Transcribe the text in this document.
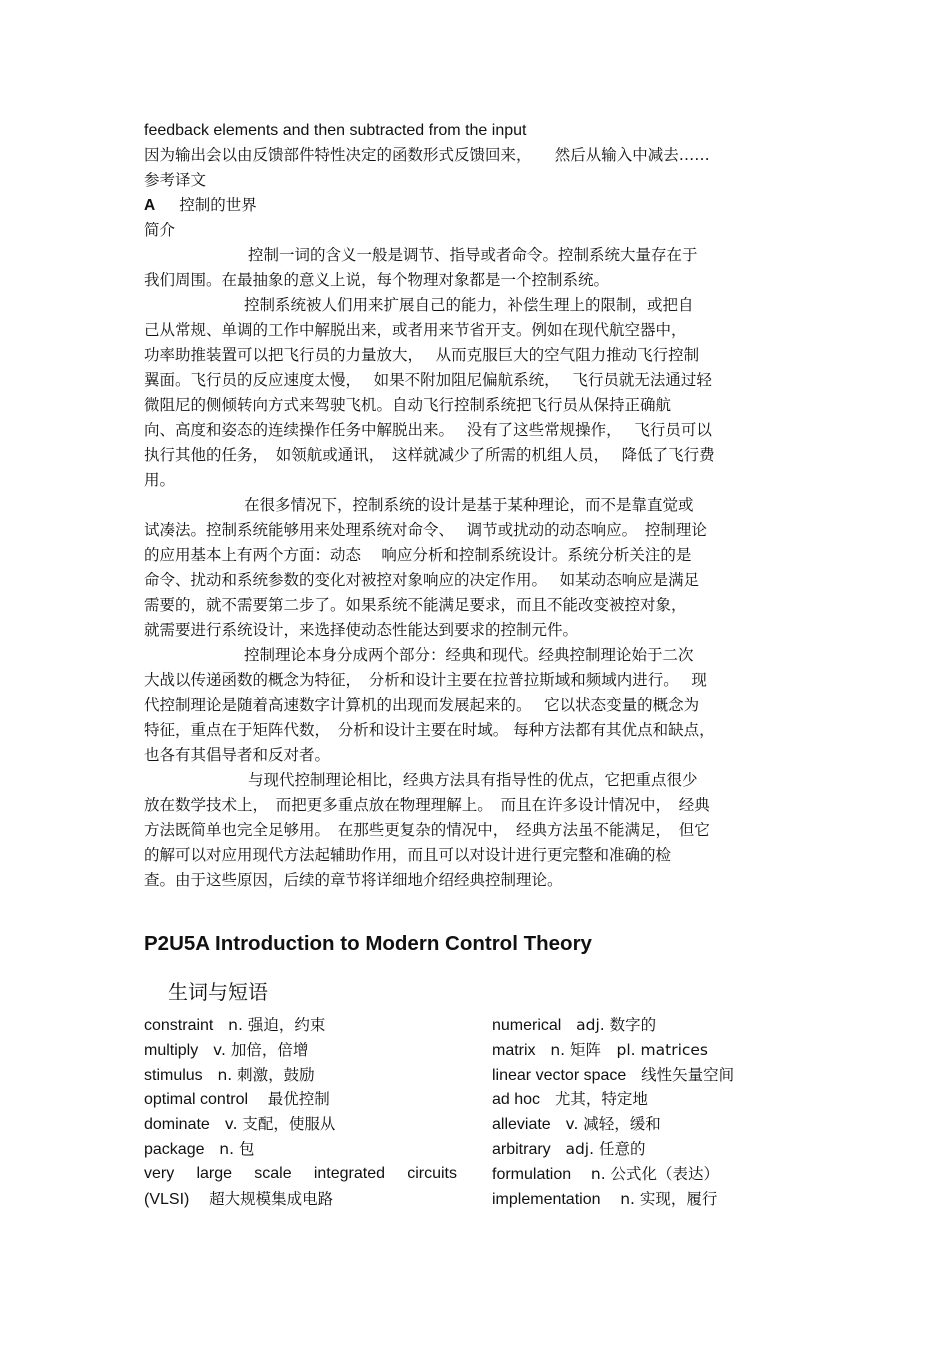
feedback elements and then subtracted from the input
因为输出会以由反馈部件特性决定的函数形式反馈回来，　　然后从输入中减去……
参考译文
A 控制的世界
简介
控制一词的含义一般是调节、指导或者命令。控制系统大量存在于
我们周围。在最抽象的意义上说，每个物理对象都是一个控制系统。
控制系统被人们用来扩展自己的能力，补偿生理上的限制，或把自
己从常规、单调的工作中解脱出来，或者用来节省开支。例如在现代航空器中，
功率助推装置可以把飞行员的力量放大，　 从而克服巨大的空气阻力推动飞行控制
翼面。飞行员的反应速度太慢，　 如果不附加阻尼偏航系统，　 飞行员就无法通过轻
微阻尼的侧倾转向方式来驾驶飞机。自动飞行控制系统把飞行员从保持正确航
向、高度和姿态的连续操作任务中解脱出来。　 没有了这些常规操作，　 飞行员可以
执行其他的任务，　如领航或通讯，　这样就减少了所需的机组人员，　 降低了飞行费
用。
在很多情况下，控制系统的设计是基于某种理论，而不是靠直觉或
试凑法。控制系统能够用来处理系统对命令、　 调节或扰动的动态响应。　控制理论
的应用基本上有两个方面：动态　 响应分析和控制系统设计。系统分析关注的是
命令、扰动和系统参数的变化对被控对象响应的决定作用。　 如某动态响应是满足
需要的，就不需要第二步了。如果系统不能满足要求，而且不能改变被控对象，
就需要进行系统设计，来选择使动态性能达到要求的控制元件。
控制理论本身分成两个部分：经典和现代。经典控制理论始于二次
大战以传递函数的概念为特征，　分析和设计主要在拉普拉斯域和频域内进行。　 现
代控制理论是随着高速数字计算机的出现而发展起来的。　 它以状态变量的概念为
特征，重点在于矩阵代数，　分析和设计主要在时域。 每种方法都有其优点和缺点，
也各有其倡导者和反对者。
与现代控制理论相比，经典方法具有指导性的优点，它把重点很少
放在数学技术上，　而把更多重点放在物理理解上。　而且在许多设计情况中，　经典
方法既简单也完全足够用。　在那些更复杂的情况中，　经典方法虽不能满足，　但它
的解可以对应用现代方法起辅助作用，而且可以对设计进行更完整和准确的检
查。由于这些原因，后续的章节将详细地介绍经典控制理论。
P2U5A Introduction to Modern Control Theory
生词与短语
constraint n. 强迫，约束
multiply v. 加倍，倍增
stimulus n. 刺激，鼓励
optimal control 最优控制
dominate v. 支配，使服从
package n. 包
very large scale integrated circuits
(VLSI) 超大规模集成电路
numerical adj. 数字的
matrix n. 矩阵　pl. matrices
linear vector space 线性矢量空间
ad hoc 尤其，特定地
alleviate v. 减轻，缓和
arbitrary adj. 任意的
formulation n. 公式化（表达）
implementation n. 实现，履行
